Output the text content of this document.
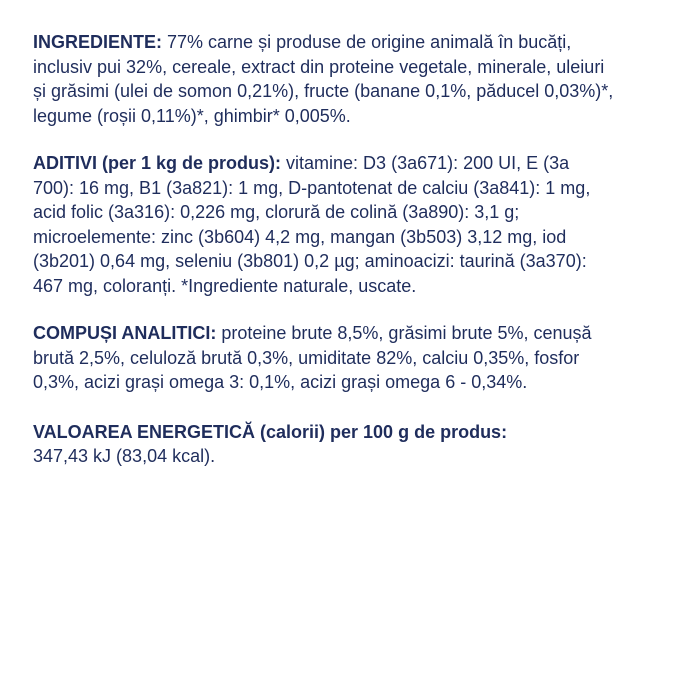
INGREDIENTE: 77% carne și produse de origine animală în bucăți,
inclusiv pui 32%, cereale, extract din proteine vegetale, minerale, uleiuri
și grăsimi (ulei de somon 0,21%), fructe (banane 0,1%, păducel 0,03%)*,
legume (roșii 0,11%)*, ghimbir* 0,005%.

ADITIVI (per 1 kg de produs): vitamine: D3 (3a671): 200 UI, E (3a
700): 16 mg, B1 (3a821): 1 mg, D-pantotenat de calciu (3a841): 1 mg,
acid folic (3a316): 0,226 mg, clorură de colină (3a890): 3,1 g;
microelemente: zinc (3b604) 4,2 mg, mangan (3b503) 3,12 mg, iod
(3b201) 0,64 mg, seleniu (3b801) 0,2 µg; aminoacizi: taurină (3a370):
467 mg, coloranți. *Ingrediente naturale, uscate.

COMPUȘI ANALITICI: proteine brute 8,5%, grăsimi brute 5%, cenușă
brută 2,5%, celuloză brută 0,3%, umiditate 82%, calciu 0,35%, fosfor
0,3%, acizi grași omega 3: 0,1%, acizi grași omega 6 - 0,34%.

VALOAREA ENERGETICĂ (calorii) per 100 g de produs:
347,43 kJ (83,04 kcal).
